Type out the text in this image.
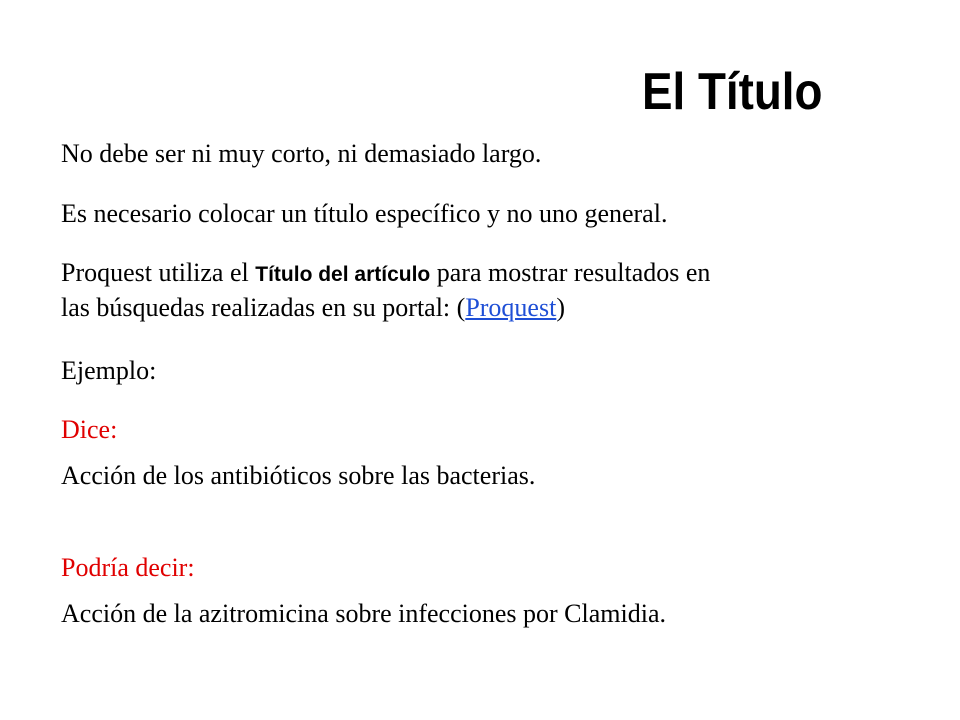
El Título
No debe ser ni muy corto, ni demasiado largo.
Es necesario colocar un título específico y no uno general.
Proquest utiliza el Título del artículo para mostrar resultados en
las búsquedas realizadas en su portal: (Proquest)
Ejemplo:
Dice:
Acción de los antibióticos sobre las bacterias.
Podría decir:
Acción de la azitromicina sobre infecciones por Clamidia.
